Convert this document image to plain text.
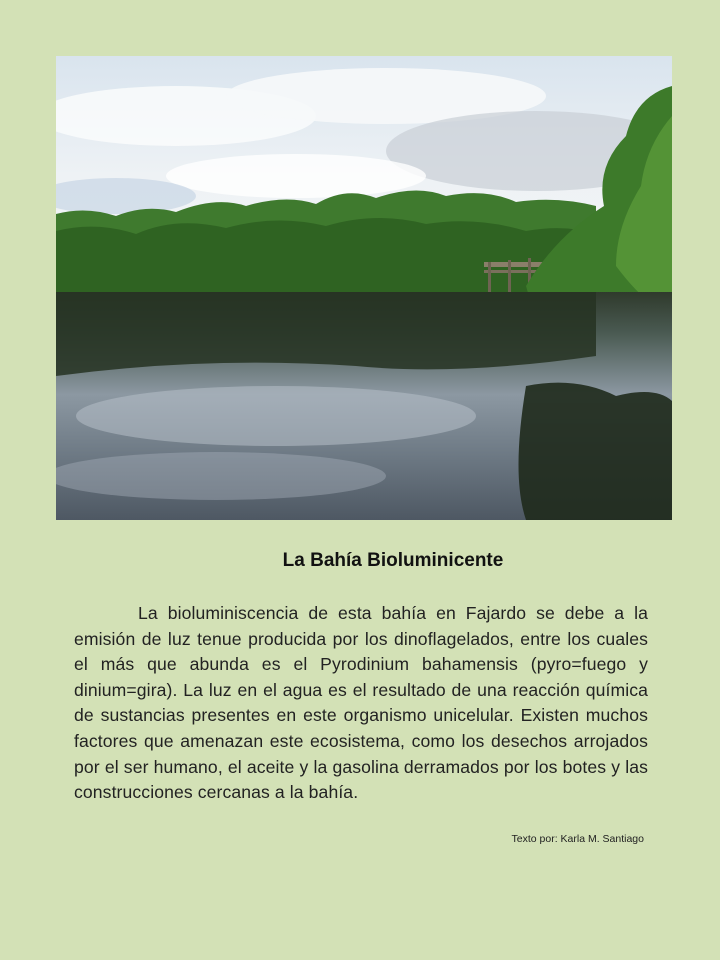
La Bahía Bioluminicente
La bioluminiscencia de esta bahía en Fajardo se debe a la emisión de luz tenue producida por los dinoflagelados, entre los cuales el más que abunda es el Pyrodinium bahamensis (pyro=fuego y dinium=gira). La luz en el agua es el resultado de una reacción química de sustancias presentes en este organismo unicelular. Existen muchos factores que amenazan este ecosistema, como los desechos arrojados por el ser humano, el aceite y la gasolina derramados por los botes y las construcciones cercanas a la bahía.
Texto por: Karla M. Santiago
